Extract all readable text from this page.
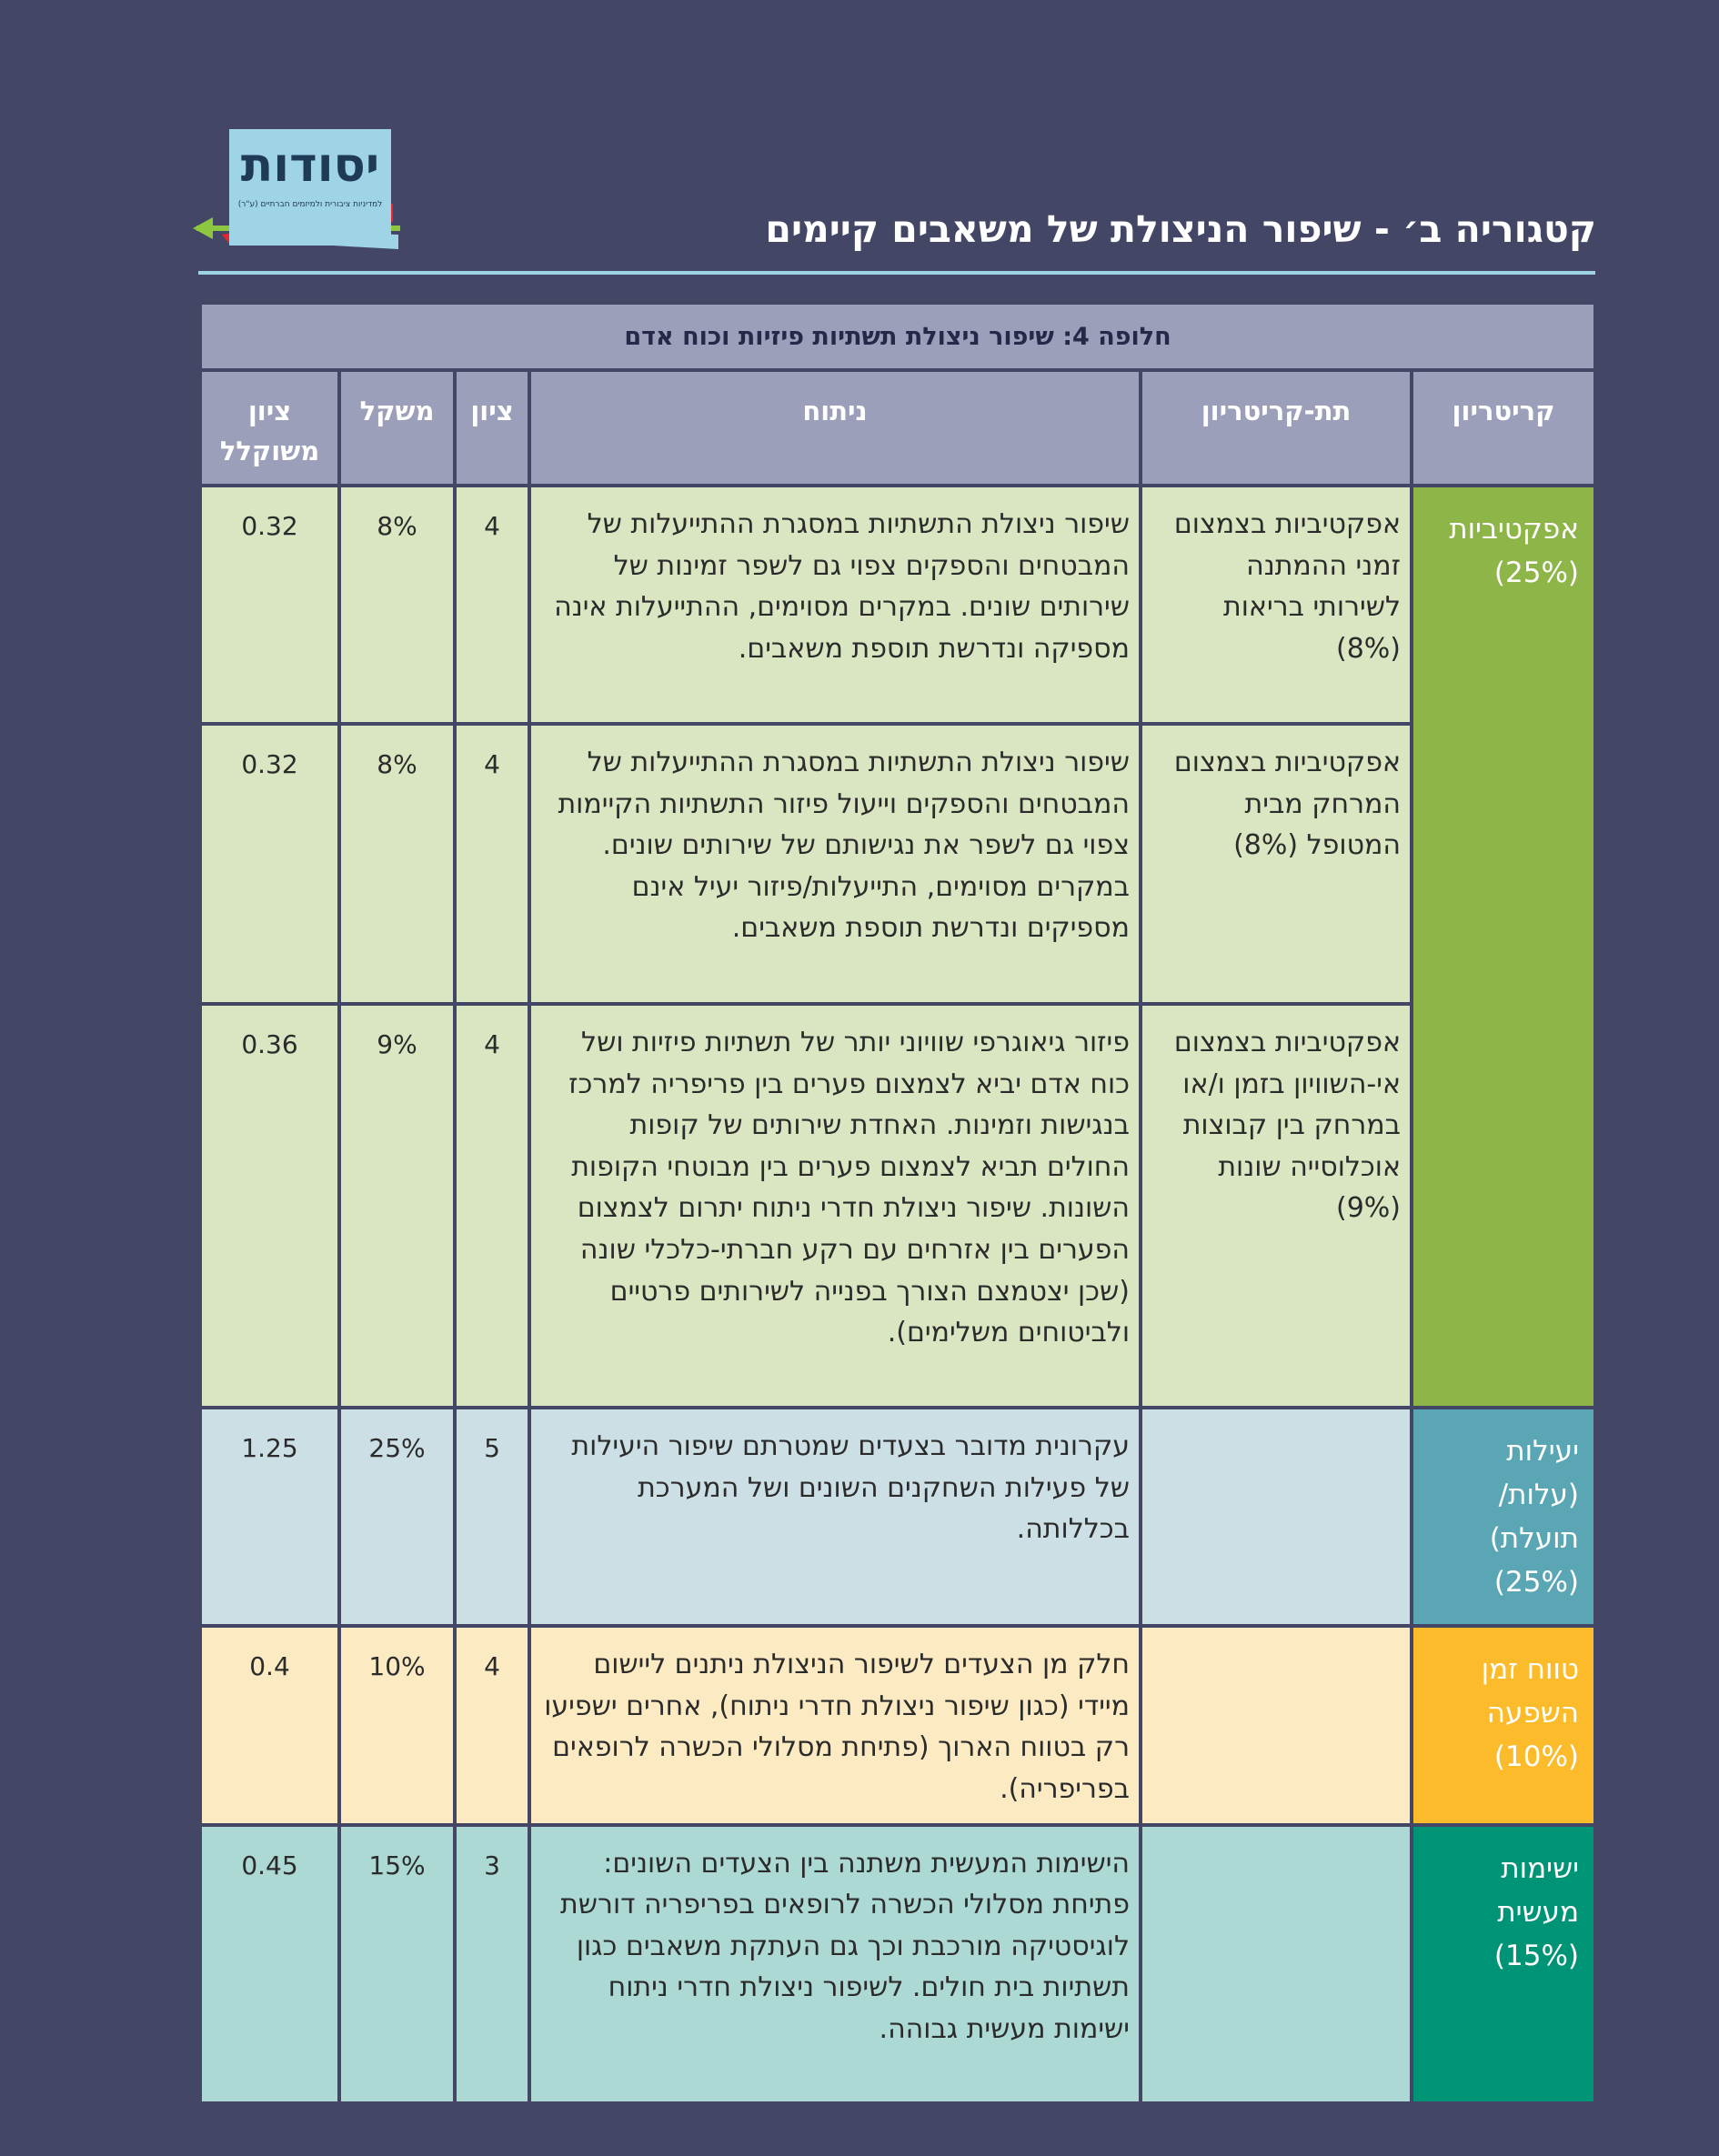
יסודות
למדיניות ציבורית ולמיזמים חברתיים (ע"ר)
קטגוריה ב׳ - שיפור הניצולת של משאבים קיימים
חלופה 4: שיפור ניצולת תשתיות פיזיות וכוח אדם					
קריטריון	תת-קריטריון	ניתוח	ציון	משקל	ציון משוקלל
אפקטיביות (25%)	אפקטיביות בצמצום זמני ההמתנה לשירותי בריאות (8%)	שיפור ניצולת התשתיות במסגרת ההתייעלות של המבטחים והספקים צפוי גם לשפר זמינות של שירותים שונים. במקרים מסוימים, ההתייעלות אינה מספיקה ונדרשת תוספת משאבים.	4	8%	0.32
	אפקטיביות בצמצום המרחק מבית המטופל (8%)	שיפור ניצולת התשתיות במסגרת ההתייעלות של המבטחים והספקים וייעול פיזור התשתיות הקיימות צפוי גם לשפר את נגישותם של שירותים שונים. במקרים מסוימים, התייעלות/פיזור יעיל אינם מספיקים ונדרשת תוספת משאבים.	4	8%	0.32
	אפקטיביות בצמצום אי-השוויון בזמן ו/או במרחק בין קבוצות אוכלוסייה שונות (9%)	פיזור גיאוגרפי שוויוני יותר של תשתיות פיזיות ושל כוח אדם יביא לצמצום פערים בין פריפריה למרכז בנגישות וזמינות. האחדת שירותים של קופות החולים תביא לצמצום פערים בין מבוטחי הקופות השונות. שיפור ניצולת חדרי ניתוח יתרום לצמצום הפערים בין אזרחים עם רקע חברתי-כלכלי שונה (שכן יצטמצם הצורך בפנייה לשירותים פרטיים ולביטוחים משלימים).	4	9%	0.36
יעילות (עלות/ תועלת) (25%)		עקרונית מדובר בצעדים שמטרתם שיפור היעילות של פעילות השחקנים השונים ושל המערכת בכללותה.	5	25%	1.25
טווח זמן השפעה (10%)		חלק מן הצעדים לשיפור הניצולת ניתנים ליישום מיידי (כגון שיפור ניצולת חדרי ניתוח), אחרים ישפיעו רק בטווח הארוך (פתיחת מסלולי הכשרה לרופאים בפריפריה).	4	10%	0.4
ישימות מעשית (15%)		הישימות המעשית משתנה בין הצעדים השונים: פתיחת מסלולי הכשרה לרופאים בפריפריה דורשת לוגיסטיקה מורכבת וכך גם העתקת משאבים כגון תשתיות בית חולים. לשיפור ניצולת חדרי ניתוח ישימות מעשית גבוהה.	3	15%	0.45
